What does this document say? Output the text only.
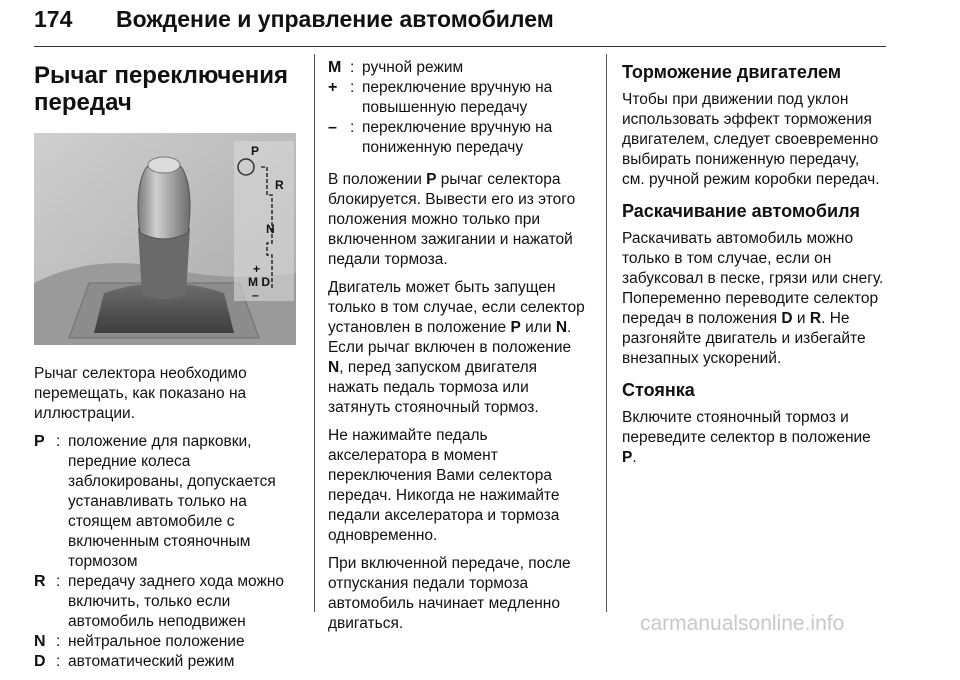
174 Вождение и управление автомобилем
Рычаг переключения передач
P
R
N
+
M D
–

Рычаг селектора необходимо перемещать, как показано на иллюстрации.

P : положение для парковки, передние колеса заблокированы, допускается устанавливать только на стоящем автомобиле с включенным стояночным тормозом
R : передачу заднего хода можно включить, только если автомобиль неподвижен
N : нейтральное положение
D : автоматический режим
M : ручной режим
+ : переключение вручную на повышенную передачу
– : переключение вручную на пониженную передачу

В положении P рычаг селектора блокируется. Вывести его из этого положения можно только при включенном зажигании и нажатой педали тормоза.

Двигатель может быть запущен только в том случае, если селектор установлен в положение P или N. Если рычаг включен в положение N, перед запуском двигателя нажать педаль тормоза или затянуть стояночный тормоз.

Не нажимайте педаль акселератора в момент переключения Вами селектора передач. Никогда не нажимайте педали акселератора и тормоза одновременно.

При включенной передаче, после отпускания педали тормоза автомобиль начинает медленно двигаться.

Торможение двигателем

Чтобы при движении под уклон использовать эффект торможения двигателем, следует своевременно выбирать пониженную передачу, см. ручной режим коробки передач.

Раскачивание автомобиля

Раскачивать автомобиль можно только в том случае, если он забуксовал в песке, грязи или снегу. Попеременно переводите селектор передач в положения D и R. Не разгоняйте двигатель и избегайте внезапных ускорений.

Стоянка

Включите стояночный тормоз и переведите селектор в положение P.

carmanualsonline.info
